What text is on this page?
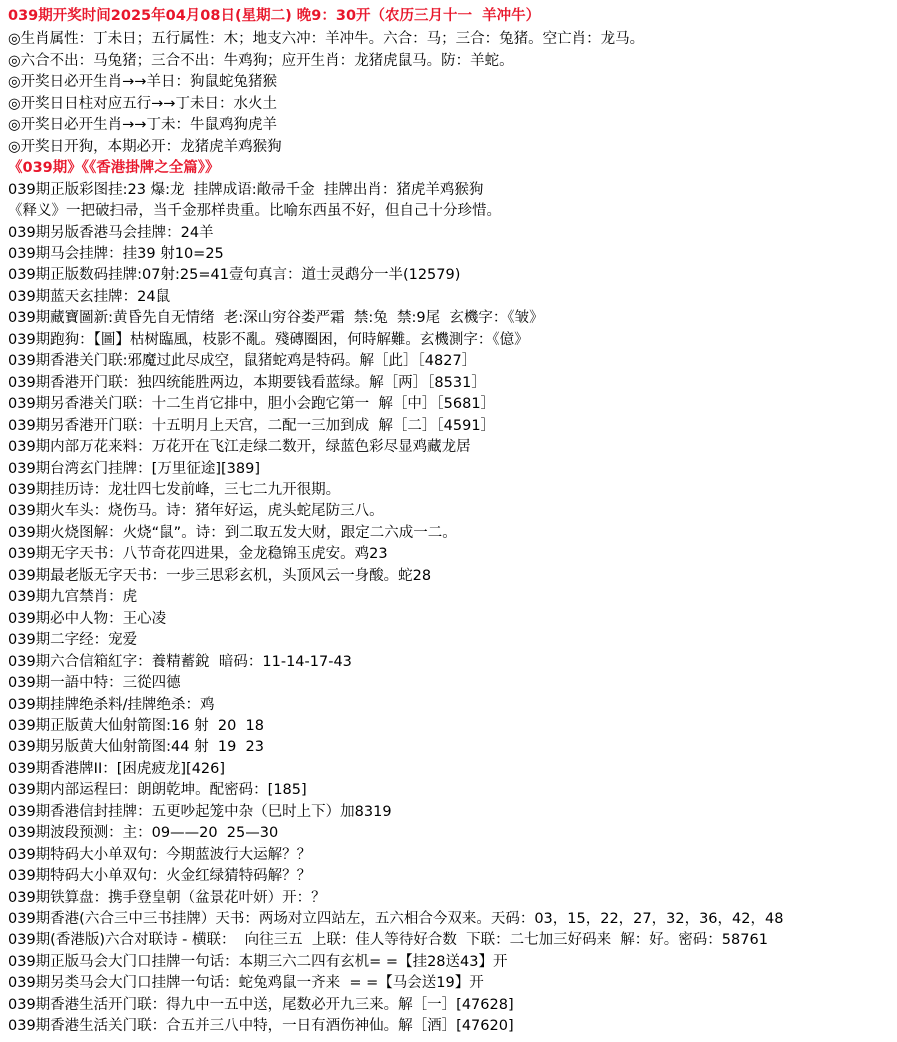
039期开奖时间2025年04月08日(星期二) 晚9：30开（农历三月十一  羊冲牛）
◎生肖属性：丁未日；五行属性：木；地支六冲：羊冲牛。六合：马；三合：兔猪。空亡肖：龙马。
◎六合不出：马兔猪；三合不出：牛鸡狗；应开生肖：龙猪虎鼠马。防：羊蛇。
◎开奖日必开生肖→→羊日：狗鼠蛇兔猪猴
◎开奖日日柱对应五行→→丁未日：水火土
◎开奖日必开生肖→→丁未：牛鼠鸡狗虎羊
◎开奖日开狗，本期必开：龙猪虎羊鸡猴狗
《039期》《《香港掛牌之全篇》》
039期正版彩图挂:23 爆:龙  挂牌成语:敞帚千金  挂牌出肖：猪虎羊鸡猴狗
《释义》一把破扫帚，当千金那样贵重。比喻东西虽不好，但自己十分珍惜。
039期另版香港马会挂牌：24羊
039期马会挂牌：挂39 射10=25
039期正版数码挂牌:07射:25=41壹句真言：道士灵鹉分一半(12579)
039期蓝天玄挂牌：24鼠
039期藏寶圖新:黄昏先自无情绪  老:深山穷谷娄严霜  禁:兔  禁:9尾  玄機字：《皱》
039期跑狗：【圖】枯树臨風，枝影不亂。殘磚圈困，何時解難。玄機測字：《億》
039期香港关门联:邪魔过此尽成空，鼠猪蛇鸡是特码。解［此］［4827］
039期香港开门联：独四统能胜两边，本期要钱看蓝绿。解［两］［8531］
039期另香港关门联：十二生肖它排中，胆小会跑它第一  解［中］［5681］
039期另香港开门联：十五明月上天宫，二配一三加到成  解［二］［4591］
039期内部万花来料：万花开在飞江走绿二数开，绿蓝色彩尽显鸡藏龙居
039期台湾玄门挂牌：[万里征途][389]
039期挂历诗：龙壮四七发前峰，三七二九开很期。
039期火车头：烧伤马。诗：猪年好运，虎头蛇尾防三八。
039期火烧图解：火烧“鼠”。诗：到二取五发大财，跟定二六成一二。
039期无字天书：八节奇花四进果，金龙稳锦玉虎安。鸡23
039期最老版无字天书：一步三思彩玄机，头顶风云一身酸。蛇28
039期九宫禁肖：虎
039期必中人物：王心凌
039期二字经：宠爱
039期六合信箱紅字：養精蓄銳  暗码：11-14-17-43
039期一語中特：三從四德
039期挂牌绝杀料/挂牌绝杀：鸡
039期正版黄大仙射箭图:16 射  20  18
039期另版黄大仙射箭图:44 射  19  23
039期香港牌II：[困虎疲龙][426]
039期内部运程曰：朗朗乾坤。配密码：[185]
039期香港信封挂牌：五更吵起笼中杂（巳时上下）加8319
039期波段预测：主：09——20  25—30
039期特码大小单双句：今期蓝波行大运解？？
039期特码大小单双句：火金红绿猜特码解？？
039期铁算盘：携手登皇朝（盆景花叶妍）开：？
039期香港(六合三中三书挂牌）天书：两场对立四站左，五六相合今双来。天码：03，15，22，27，32，36，42，48
039期(香港版)六合对联诗 - 横联：  向往三五  上联：佳人等待好合数  下联：二七加三好码来  解：好。密码：58761
039期正版马会大门口挂牌一句话：本期三六二四有玄机= =【挂28送43】开
039期另类马会大门口挂牌一句话：蛇兔鸡鼠一齐来  = =【马会送19】开
039期香港生活开门联：得九中一五中送，尾数必开九三来。解［一］[47628]
039期香港生活关门联：合五并三八中特，一日有酒伤神仙。解［酒］[47620]
